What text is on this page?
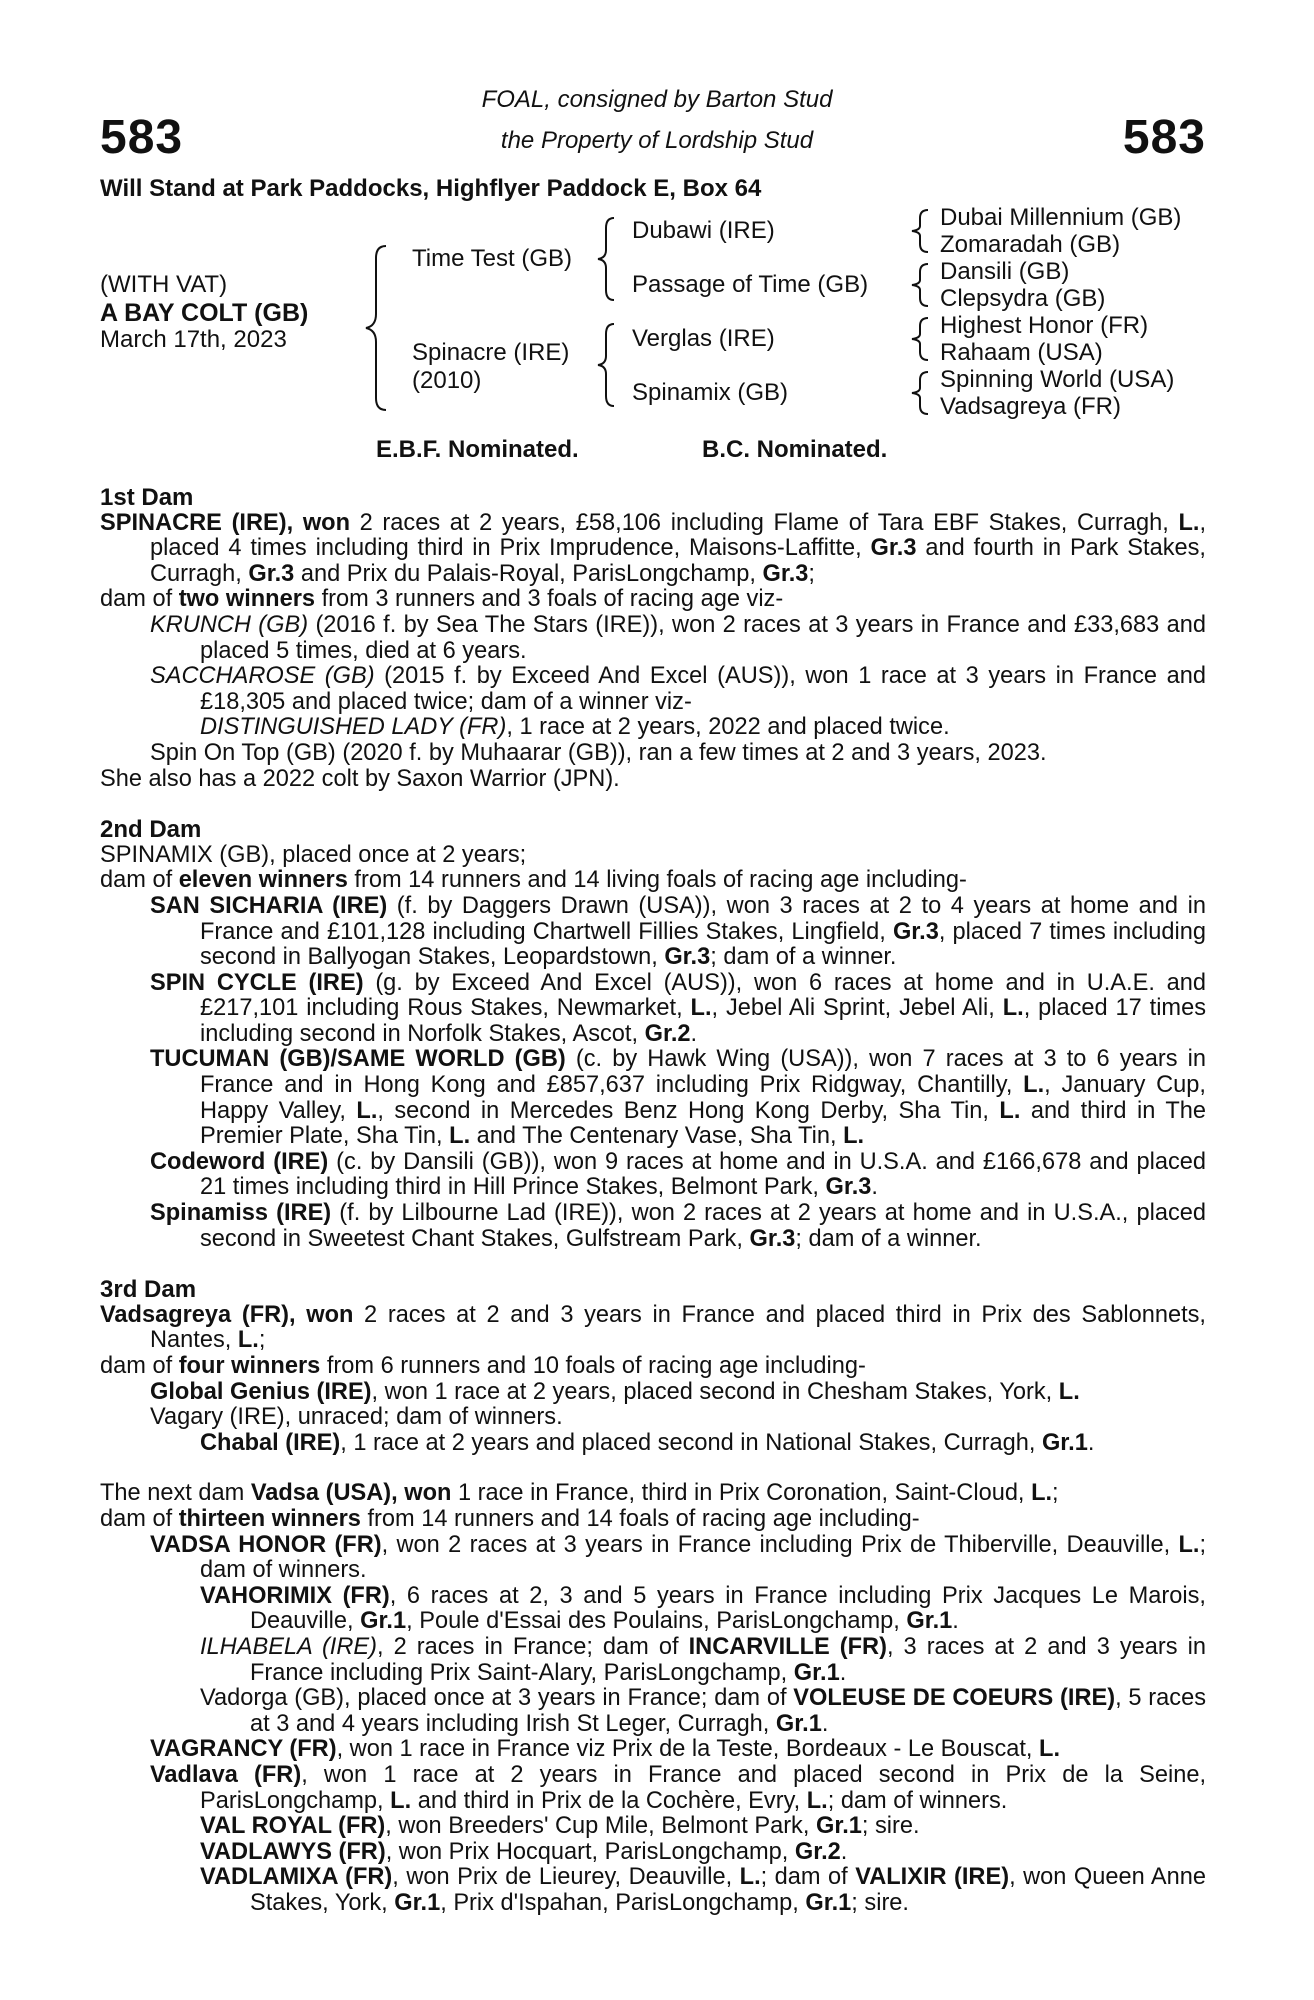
583	583
FOAL, consigned by Barton Stud
the Property of Lordship Stud
Will Stand at Park Paddocks, Highflyer Paddock E, Box 64
(WITH VAT)
A BAY COLT (GB)
March 17th, 2023
Time Test (GB)
Spinacre (IRE)
(2010)
Dubawi (IRE)
Passage of Time (GB)
Verglas (IRE)
Spinamix (GB)
Dubai Millennium (GB)
Zomaradah (GB)
Dansili (GB)
Clepsydra (GB)
Highest Honor (FR)
Rahaam (USA)
Spinning World (USA)
Vadsagreya (FR)
E.B.F. Nominated.	B.C. Nominated.

1st Dam

SPINACRE (IRE), won 2 races at 2 years, £58,106 including Flame of Tara EBF Stakes, Curragh, L., placed 4 times including third in Prix Imprudence, Maisons-Laffitte, Gr.3 and fourth in Park Stakes, Curragh, Gr.3 and Prix du Palais-Royal, ParisLongchamp, Gr.3;

dam of two winners from 3 runners and 3 foals of racing age viz-

KRUNCH (GB) (2016 f. by Sea The Stars (IRE)), won 2 races at 3 years in France and £33,683 and placed 5 times, died at 6 years.

SACCHAROSE (GB) (2015 f. by Exceed And Excel (AUS)), won 1 race at 3 years in France and £18,305 and placed twice; dam of a winner viz-

DISTINGUISHED LADY (FR), 1 race at 2 years, 2022 and placed twice.

Spin On Top (GB) (2020 f. by Muhaarar (GB)), ran a few times at 2 and 3 years, 2023.

She also has a 2022 colt by Saxon Warrior (JPN).

2nd Dam

SPINAMIX (GB), placed once at 2 years;

dam of eleven winners from 14 runners and 14 living foals of racing age including-

SAN SICHARIA (IRE) (f. by Daggers Drawn (USA)), won 3 races at 2 to 4 years at home and in France and £101,128 including Chartwell Fillies Stakes, Lingfield, Gr.3, placed 7 times including second in Ballyogan Stakes, Leopardstown, Gr.3; dam of a winner.

SPIN CYCLE (IRE) (g. by Exceed And Excel (AUS)), won 6 races at home and in U.A.E. and £217,101 including Rous Stakes, Newmarket, L., Jebel Ali Sprint, Jebel Ali, L., placed 17 times including second in Norfolk Stakes, Ascot, Gr.2.

TUCUMAN (GB)/SAME WORLD (GB) (c. by Hawk Wing (USA)), won 7 races at 3 to 6 years in France and in Hong Kong and £857,637 including Prix Ridgway, Chantilly, L., January Cup, Happy Valley, L., second in Mercedes Benz Hong Kong Derby, Sha Tin, L. and third in The Premier Plate, Sha Tin, L. and The Centenary Vase, Sha Tin, L.

Codeword (IRE) (c. by Dansili (GB)), won 9 races at home and in U.S.A. and £166,678 and placed 21 times including third in Hill Prince Stakes, Belmont Park, Gr.3.

Spinamiss (IRE) (f. by Lilbourne Lad (IRE)), won 2 races at 2 years at home and in U.S.A., placed second in Sweetest Chant Stakes, Gulfstream Park, Gr.3; dam of a winner.

3rd Dam

Vadsagreya (FR), won 2 races at 2 and 3 years in France and placed third in Prix des Sablonnets, Nantes, L.;

dam of four winners from 6 runners and 10 foals of racing age including-

Global Genius (IRE), won 1 race at 2 years, placed second in Chesham Stakes, York, L.

Vagary (IRE), unraced; dam of winners.

Chabal (IRE), 1 race at 2 years and placed second in National Stakes, Curragh, Gr.1.

The next dam Vadsa (USA), won 1 race in France, third in Prix Coronation, Saint-Cloud, L.;

dam of thirteen winners from 14 runners and 14 foals of racing age including-

VADSA HONOR (FR), won 2 races at 3 years in France including Prix de Thiberville, Deauville, L.; dam of winners.

VAHORIMIX (FR), 6 races at 2, 3 and 5 years in France including Prix Jacques Le Marois, Deauville, Gr.1, Poule d'Essai des Poulains, ParisLongchamp, Gr.1.

ILHABELA (IRE), 2 races in France; dam of INCARVILLE (FR), 3 races at 2 and 3 years in France including Prix Saint-Alary, ParisLongchamp, Gr.1.

Vadorga (GB), placed once at 3 years in France; dam of VOLEUSE DE COEURS (IRE), 5 races at 3 and 4 years including Irish St Leger, Curragh, Gr.1.

VAGRANCY (FR), won 1 race in France viz Prix de la Teste, Bordeaux - Le Bouscat, L.

Vadlava (FR), won 1 race at 2 years in France and placed second in Prix de la Seine, ParisLongchamp, L. and third in Prix de la Cochère, Evry, L.; dam of winners.

VAL ROYAL (FR), won Breeders' Cup Mile, Belmont Park, Gr.1; sire.

VADLAWYS (FR), won Prix Hocquart, ParisLongchamp, Gr.2.

VADLAMIXA (FR), won Prix de Lieurey, Deauville, L.; dam of VALIXIR (IRE), won Queen Anne Stakes, York, Gr.1, Prix d'Ispahan, ParisLongchamp, Gr.1; sire.
